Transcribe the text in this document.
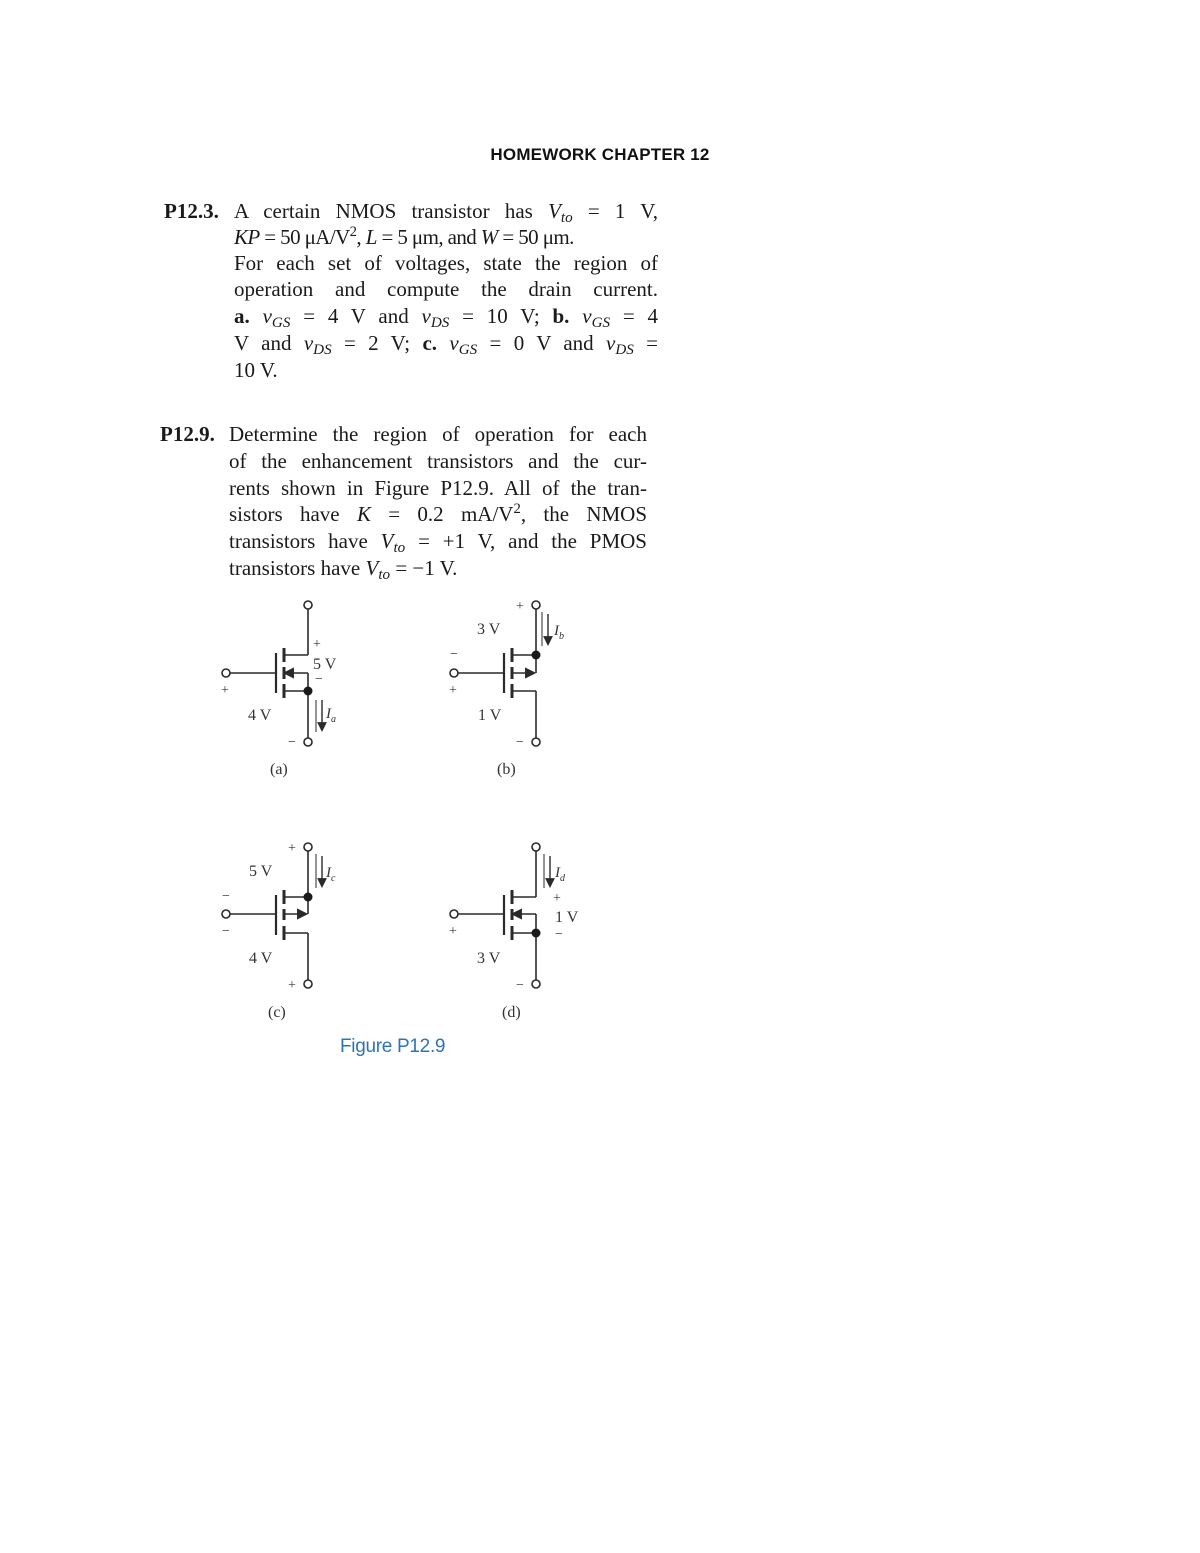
HOMEWORK CHAPTER 12
P12.3. A certain NMOS transistor has $V_{to} = 1$ V,
KP = 50 $\mu A/V^2$, L = 5 μm, and W = 50 μm.
For each set of voltages, state the region of
operation and compute the drain current.
a. $v_{GS} = 4$ V and $v_{DS} = 10$ V; b. $v_{GS} = 4$
V and $v_{DS} = 2$ V; c. $v_{GS} = 0$ V and $v_{DS}$ =
10 V.
P12.9. Determine the region of operation for each
of the enhancement transistors and the cur-
rents shown in Figure P12.9. All of the tran-
sistors have K = 0.2 $mA/V^2$, the NMOS
transistors have $V_{to} = +1$ V, and the PMOS
transistors have $V_{to} = -1$ V.
+
5 V
−
+
4 V	$I_a$
−
(a)
+
3 V	$I_b$
−
+
1 V
−
(b)
+
5 V	$I_c$
−
−
4 V
+
(c)
$I_d$
+
1 V
−
+
3 V
−
(d)
Figure P12.9
